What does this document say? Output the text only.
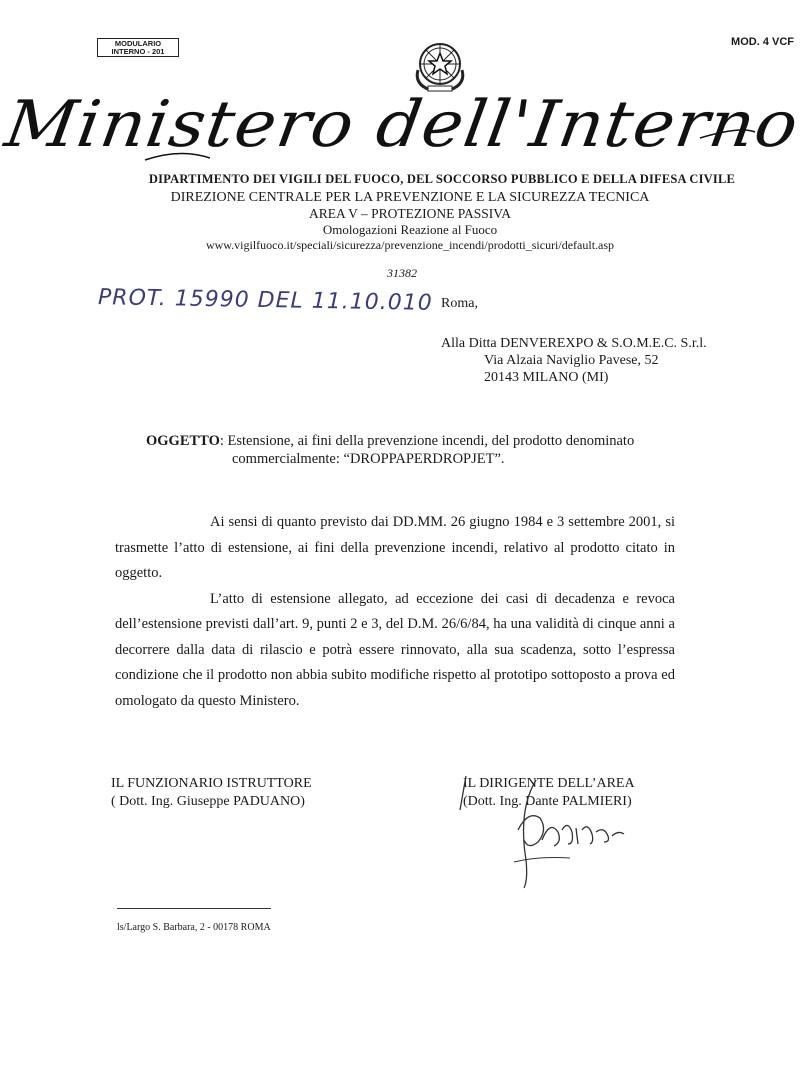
MODULARIO
INTERNO - 201
MOD. 4 VCF
Ministero dell'Interno
DIPARTIMENTO DEI VIGILI DEL FUOCO, DEL SOCCORSO PUBBLICO E DELLA DIFESA CIVILE
DIREZIONE CENTRALE PER LA PREVENZIONE E LA SICUREZZA TECNICA
AREA V – PROTEZIONE PASSIVA
Omologazioni Reazione al Fuoco
www.vigilfuoco.it/speciali/sicurezza/prevenzione_incendi/prodotti_sicuri/default.asp
31382
PROT. 15990 DEL 11.10.010 Roma,
Alla Ditta DENVEREXPO & S.O.M.E.C. S.r.l.
Via Alzaia Naviglio Pavese, 52
20143 MILANO (MI)
OGGETTO: Estensione, ai fini della prevenzione incendi, del prodotto denominato
commercialmente: “DROPPAPERDROPJET”.

Ai sensi di quanto previsto dai DD.MM. 26 giugno 1984 e 3 settembre 2001, si trasmette l’atto di estensione, ai fini della prevenzione incendi, relativo al prodotto citato in oggetto.

L’atto di estensione allegato, ad eccezione dei casi di decadenza e revoca dell’estensione previsti dall’art. 9, punti 2 e 3, del D.M. 26/6/84, ha una validità di cinque anni a decorrere dalla data di rilascio e potrà essere rinnovato, alla sua scadenza, sotto l’espressa condizione che il prodotto non abbia subito modifiche rispetto al prototipo sottoposto a prova ed omologato da questo Ministero.

IL FUNZIONARIO ISTRUTTORE
( Dott. Ing. Giuseppe PADUANO)
IL DIRIGENTE DELL’AREA
(Dott. Ing. Dante PALMIERI)
ls/Largo S. Barbara, 2 - 00178 ROMA
